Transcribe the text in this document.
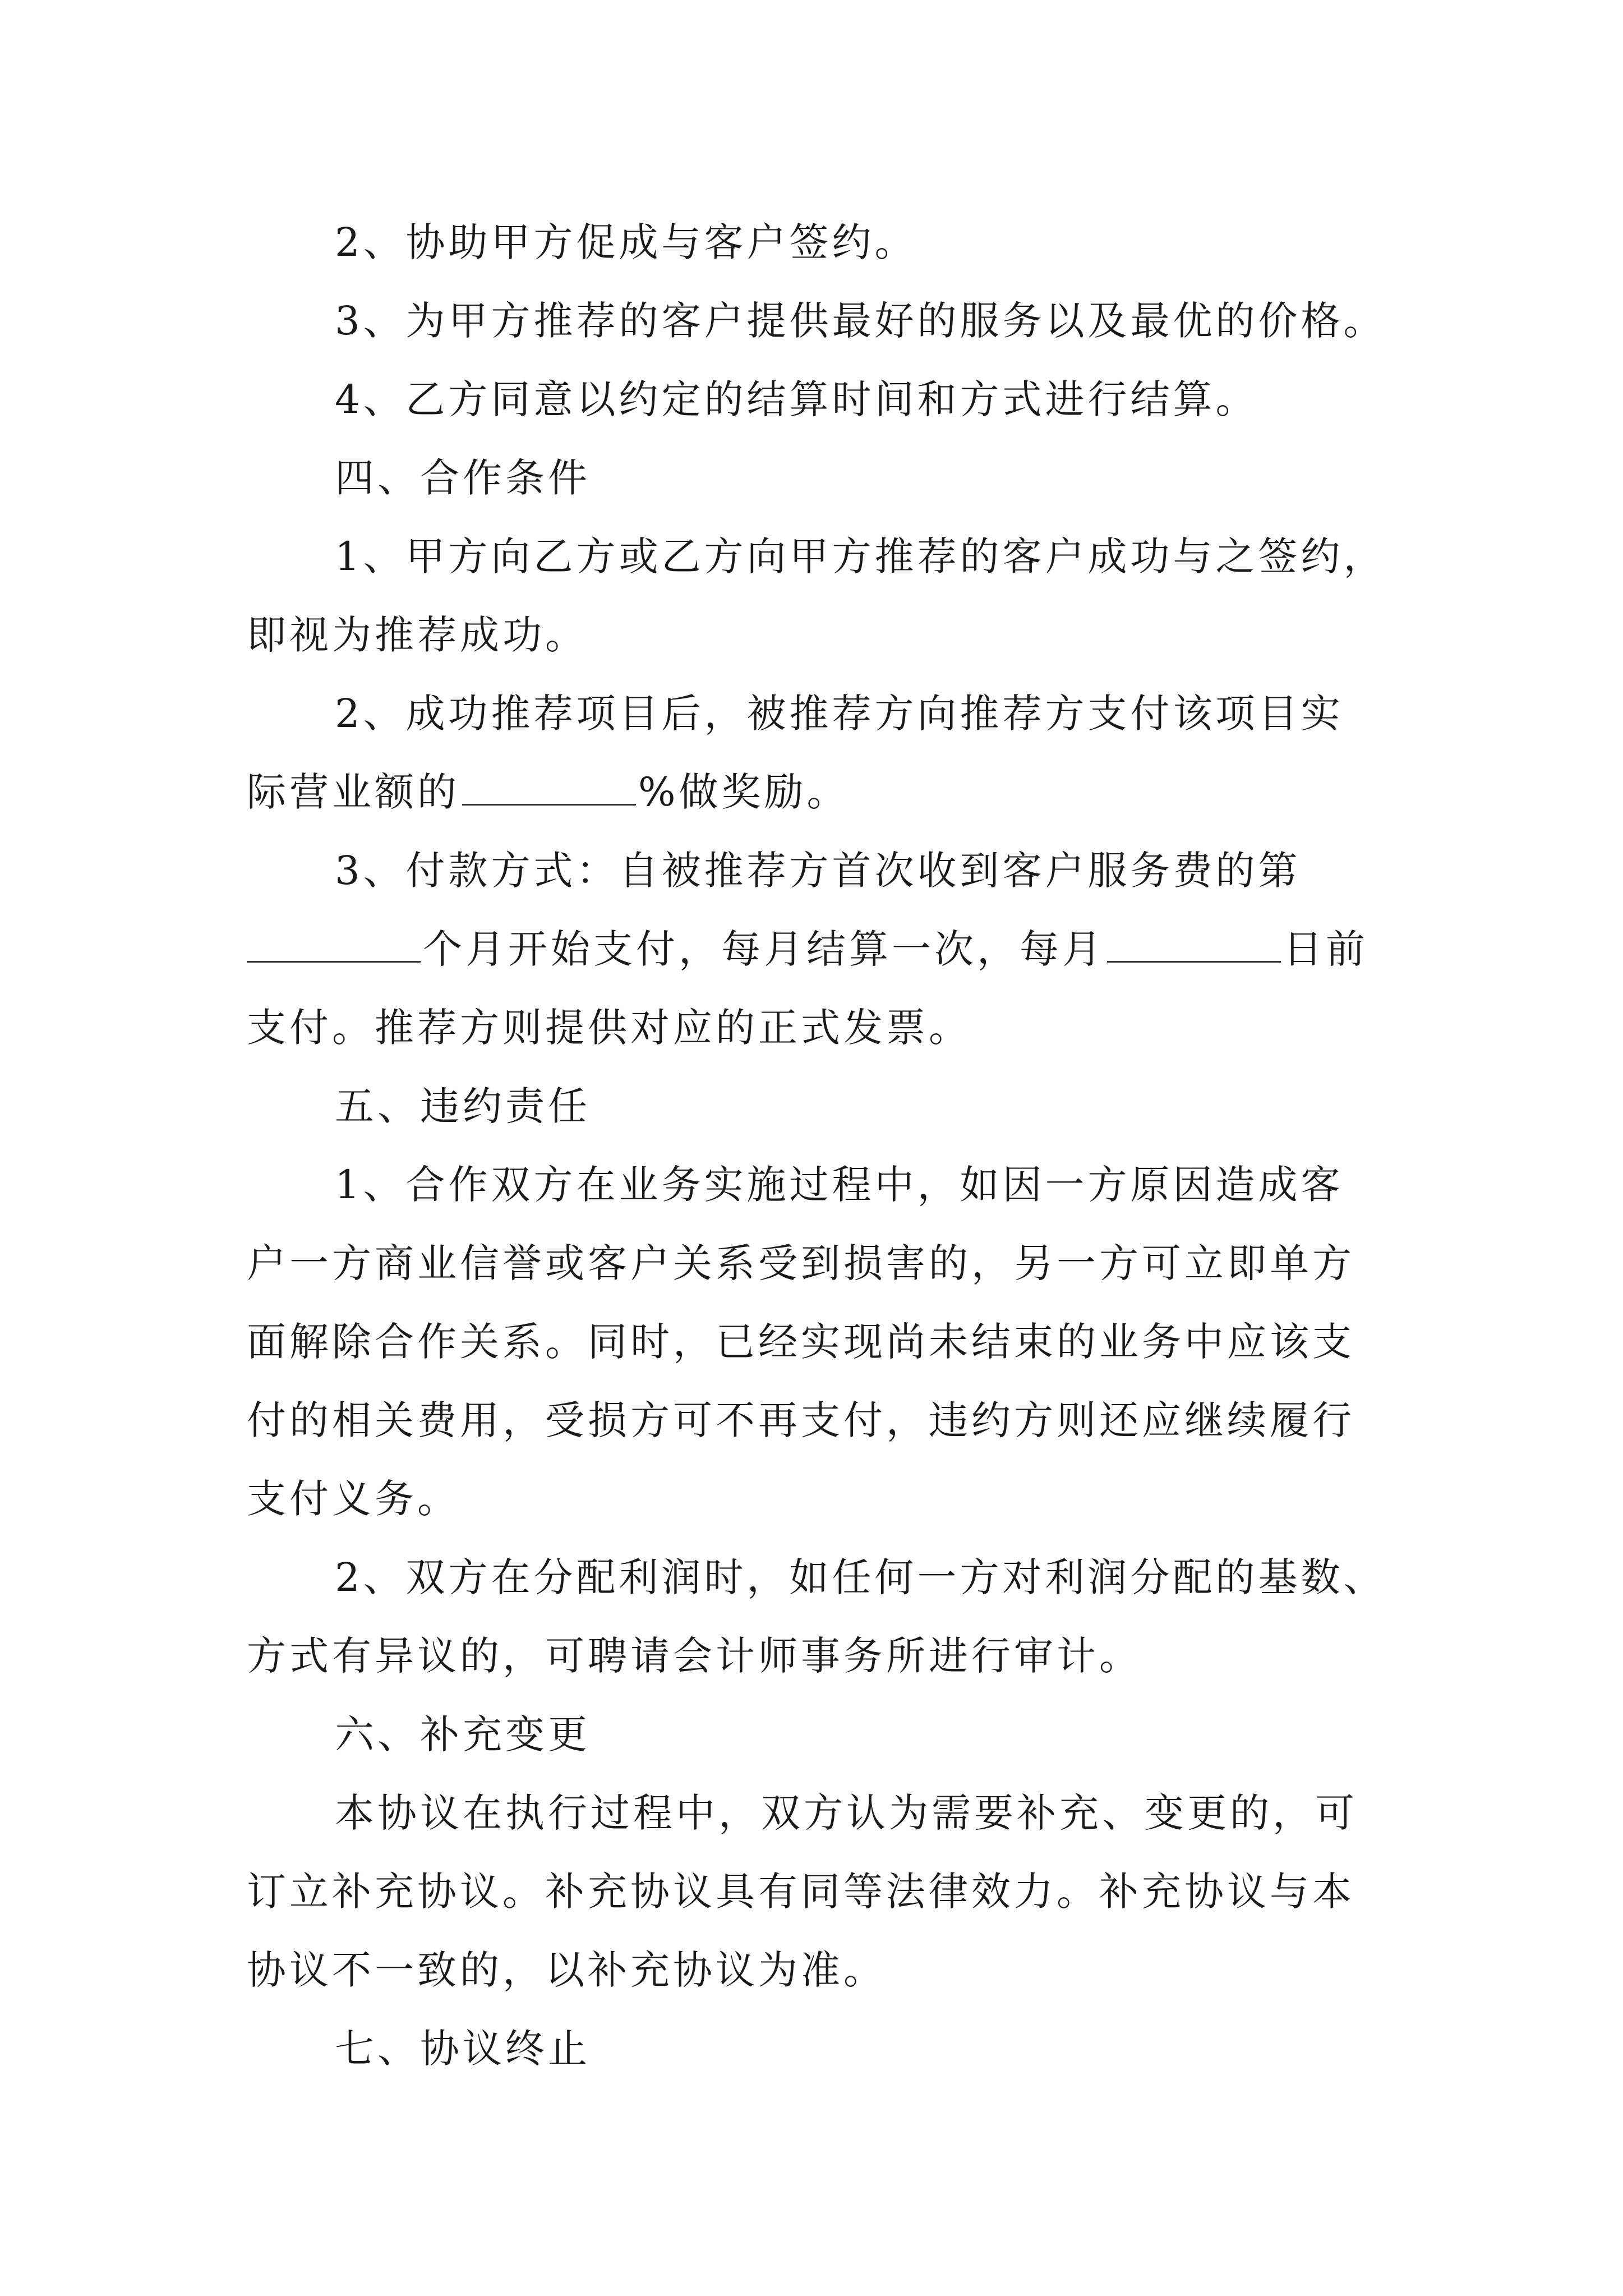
2、协助甲方促成与客户签约。
3、为甲方推荐的客户提供最好的服务以及最优的价格。
4、乙方同意以约定的结算时间和方式进行结算。
四、合作条件
1、甲方向乙方或乙方向甲方推荐的客户成功与之签约，
即视为推荐成功。
2、成功推荐项目后，被推荐方向推荐方支付该项目实
际营业额的	%做奖励。
3、付款方式：自被推荐方首次收到客户服务费的第
个月开始支付，每月结算一次，每月	日前
支付。推荐方则提供对应的正式发票。
五、违约责任
1、合作双方在业务实施过程中，如因一方原因造成客
户一方商业信誉或客户关系受到损害的，另一方可立即单方
面解除合作关系。同时，已经实现尚未结束的业务中应该支
付的相关费用，受损方可不再支付，违约方则还应继续履行
支付义务。
2、双方在分配利润时，如任何一方对利润分配的基数、
方式有异议的，可聘请会计师事务所进行审计。
六、补充变更
本协议在执行过程中，双方认为需要补充、变更的，可
订立补充协议。补充协议具有同等法律效力。补充协议与本
协议不一致的，以补充协议为准。
七、协议终止
